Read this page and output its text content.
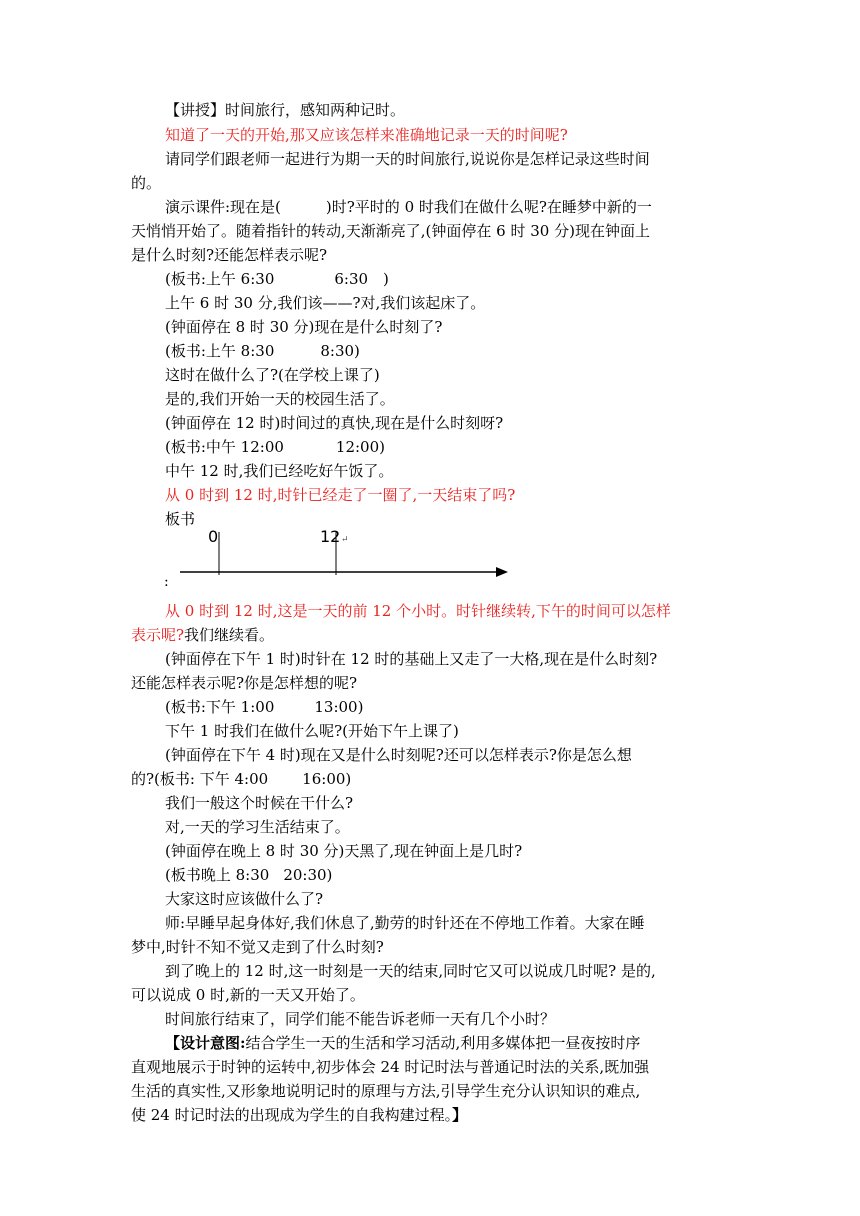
【讲授】时间旅行，感知两种记时。
知道了一天的开始,那又应该怎样来准确地记录一天的时间呢?
请同学们跟老师一起进行为期一天的时间旅行,说说你是怎样记录这些时间
的。
演示课件:现在是(　　　)时?平时的 0 时我们在做什么呢?在睡梦中新的一
天悄悄开始了。随着指针的转动,天渐渐亮了,(钟面停在 6 时 30 分)现在钟面上
是什么时刻?还能怎样表示呢?
(板书:上午 6:30	6:30　)
上午 6 时 30 分,我们该——?对,我们该起床了。
(钟面停在 8 时 30 分)现在是什么时刻了?
(板书:上午 8:30	8:30)
这时在做什么了?(在学校上课了)
是的,我们开始一天的校园生活了。
(钟面停在 12 时)时间过的真快,现在是什么时刻呀?
(板书:中午 12:00	12:00)
中午 12 时,我们已经吃好午饭了。
从 0 时到 12 时,时针已经走了一圈了,一天结束了吗?
板书
0	12 ↵
:
从 0 时到 12 时,这是一天的前 12 个小时。时针继续转,下午的时间可以怎样
表示呢?我们继续看。
(钟面停在下午 1 时)时针在 12 时的基础上又走了一大格,现在是什么时刻?
还能怎样表示呢?你是怎样想的呢?
(板书:下午 1:00	13:00)
下午 1 时我们在做什么呢?(开始下午上课了)
(钟面停在下午 4 时)现在又是什么时刻呢?还可以怎样表示?你是怎么想
的?(板书: 下午 4:00 16:00)
我们一般这个时候在干什么?
对,一天的学习生活结束了。
(钟面停在晚上 8 时 30 分)天黑了,现在钟面上是几时?
(板书晚上 8:30 20:30)
大家这时应该做什么了?
师:早睡早起身体好,我们休息了,勤劳的时针还在不停地工作着。大家在睡
梦中,时针不知不觉又走到了什么时刻?
到了晚上的 12 时,这一时刻是一天的结束,同时它又可以说成几时呢? 是的,
可以说成 0 时,新的一天又开始了。
时间旅行结束了，同学们能不能告诉老师一天有几个小时？
【设计意图:结合学生一天的生活和学习活动,利用多媒体把一昼夜按时序
直观地展示于时钟的运转中,初步体会 24 时记时法与普通记时法的关系,既加强
生活的真实性,又形象地说明记时的原理与方法,引导学生充分认识知识的难点,
使 24 时记时法的出现成为学生的自我构建过程。】
